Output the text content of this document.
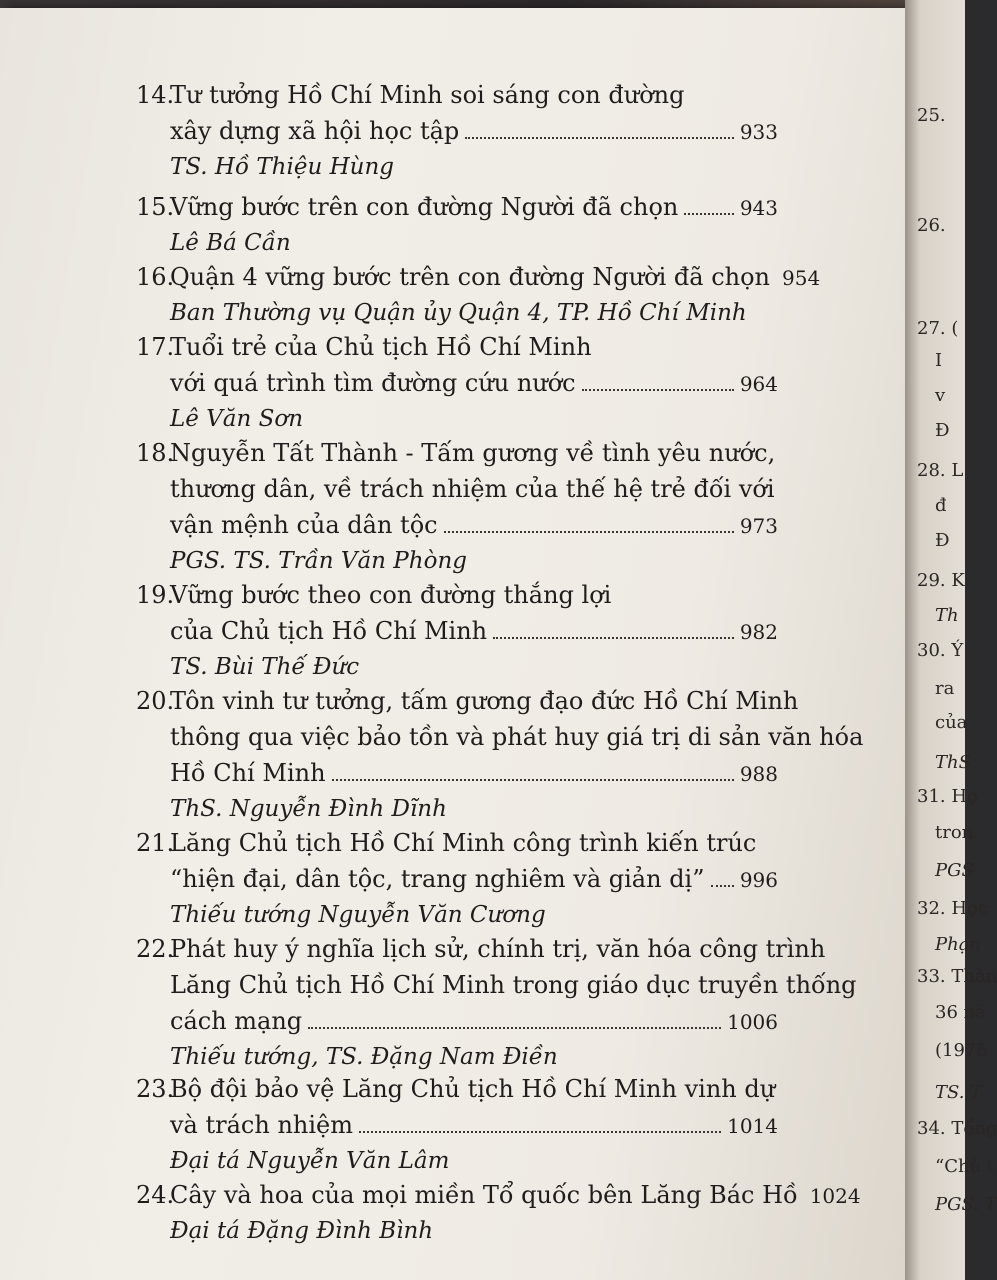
14.
Tư tưởng Hồ Chí Minh soi sáng con đường
xây dựng xã hội học tập	933
TS. Hồ Thiệu Hùng
15.
Vững bước trên con đường Người đã chọn	943
Lê Bá Cần
16.
Quận 4 vững bước trên con đường Người đã chọn 954
Ban Thường vụ Quận ủy Quận 4, TP. Hồ Chí Minh
17.
Tuổi trẻ của Chủ tịch Hồ Chí Minh
với quá trình tìm đường cứu nước	964
Lê Văn Sơn
18.
Nguyễn Tất Thành - Tấm gương về tình yêu nước,
thương dân, về trách nhiệm của thế hệ trẻ đối với
vận mệnh của dân tộc	973
PGS. TS. Trần Văn Phòng
19.
Vững bước theo con đường thắng lợi
của Chủ tịch Hồ Chí Minh	982
TS. Bùi Thế Đức
20.
Tôn vinh tư tưởng, tấm gương đạo đức Hồ Chí Minh
thông qua việc bảo tồn và phát huy giá trị di sản văn hóa
Hồ Chí Minh	988
ThS. Nguyễn Đình Dĩnh
21.
Lăng Chủ tịch Hồ Chí Minh công trình kiến trúc
“hiện đại, dân tộc, trang nghiêm và giản dị” 996
Thiếu tướng Nguyễn Văn Cương
22.
Phát huy ý nghĩa lịch sử, chính trị, văn hóa công trình
Lăng Chủ tịch Hồ Chí Minh trong giáo dục truyền thống
cách mạng	1006
Thiếu tướng, TS. Đặng Nam Điền
23.
Bộ đội bảo vệ Lăng Chủ tịch Hồ Chí Minh vinh dự
và trách nhiệm	1014
Đại tá Nguyễn Văn Lâm
24.
Cây và hoa của mọi miền Tổ quốc bên Lăng Bác Hồ 1024
Đại tá Đặng Đình Bình
25.
26.
27. (
I
v
Đ
28. L
đ
Đ
29. K
Th
30. Ý
ra
của
ThS
31. Họ
tron
PGS
32. Học
Phạn
33. Thàn
36 nă
(1975
TS. T
34. Tổng
“Chủ t
PGS. T
